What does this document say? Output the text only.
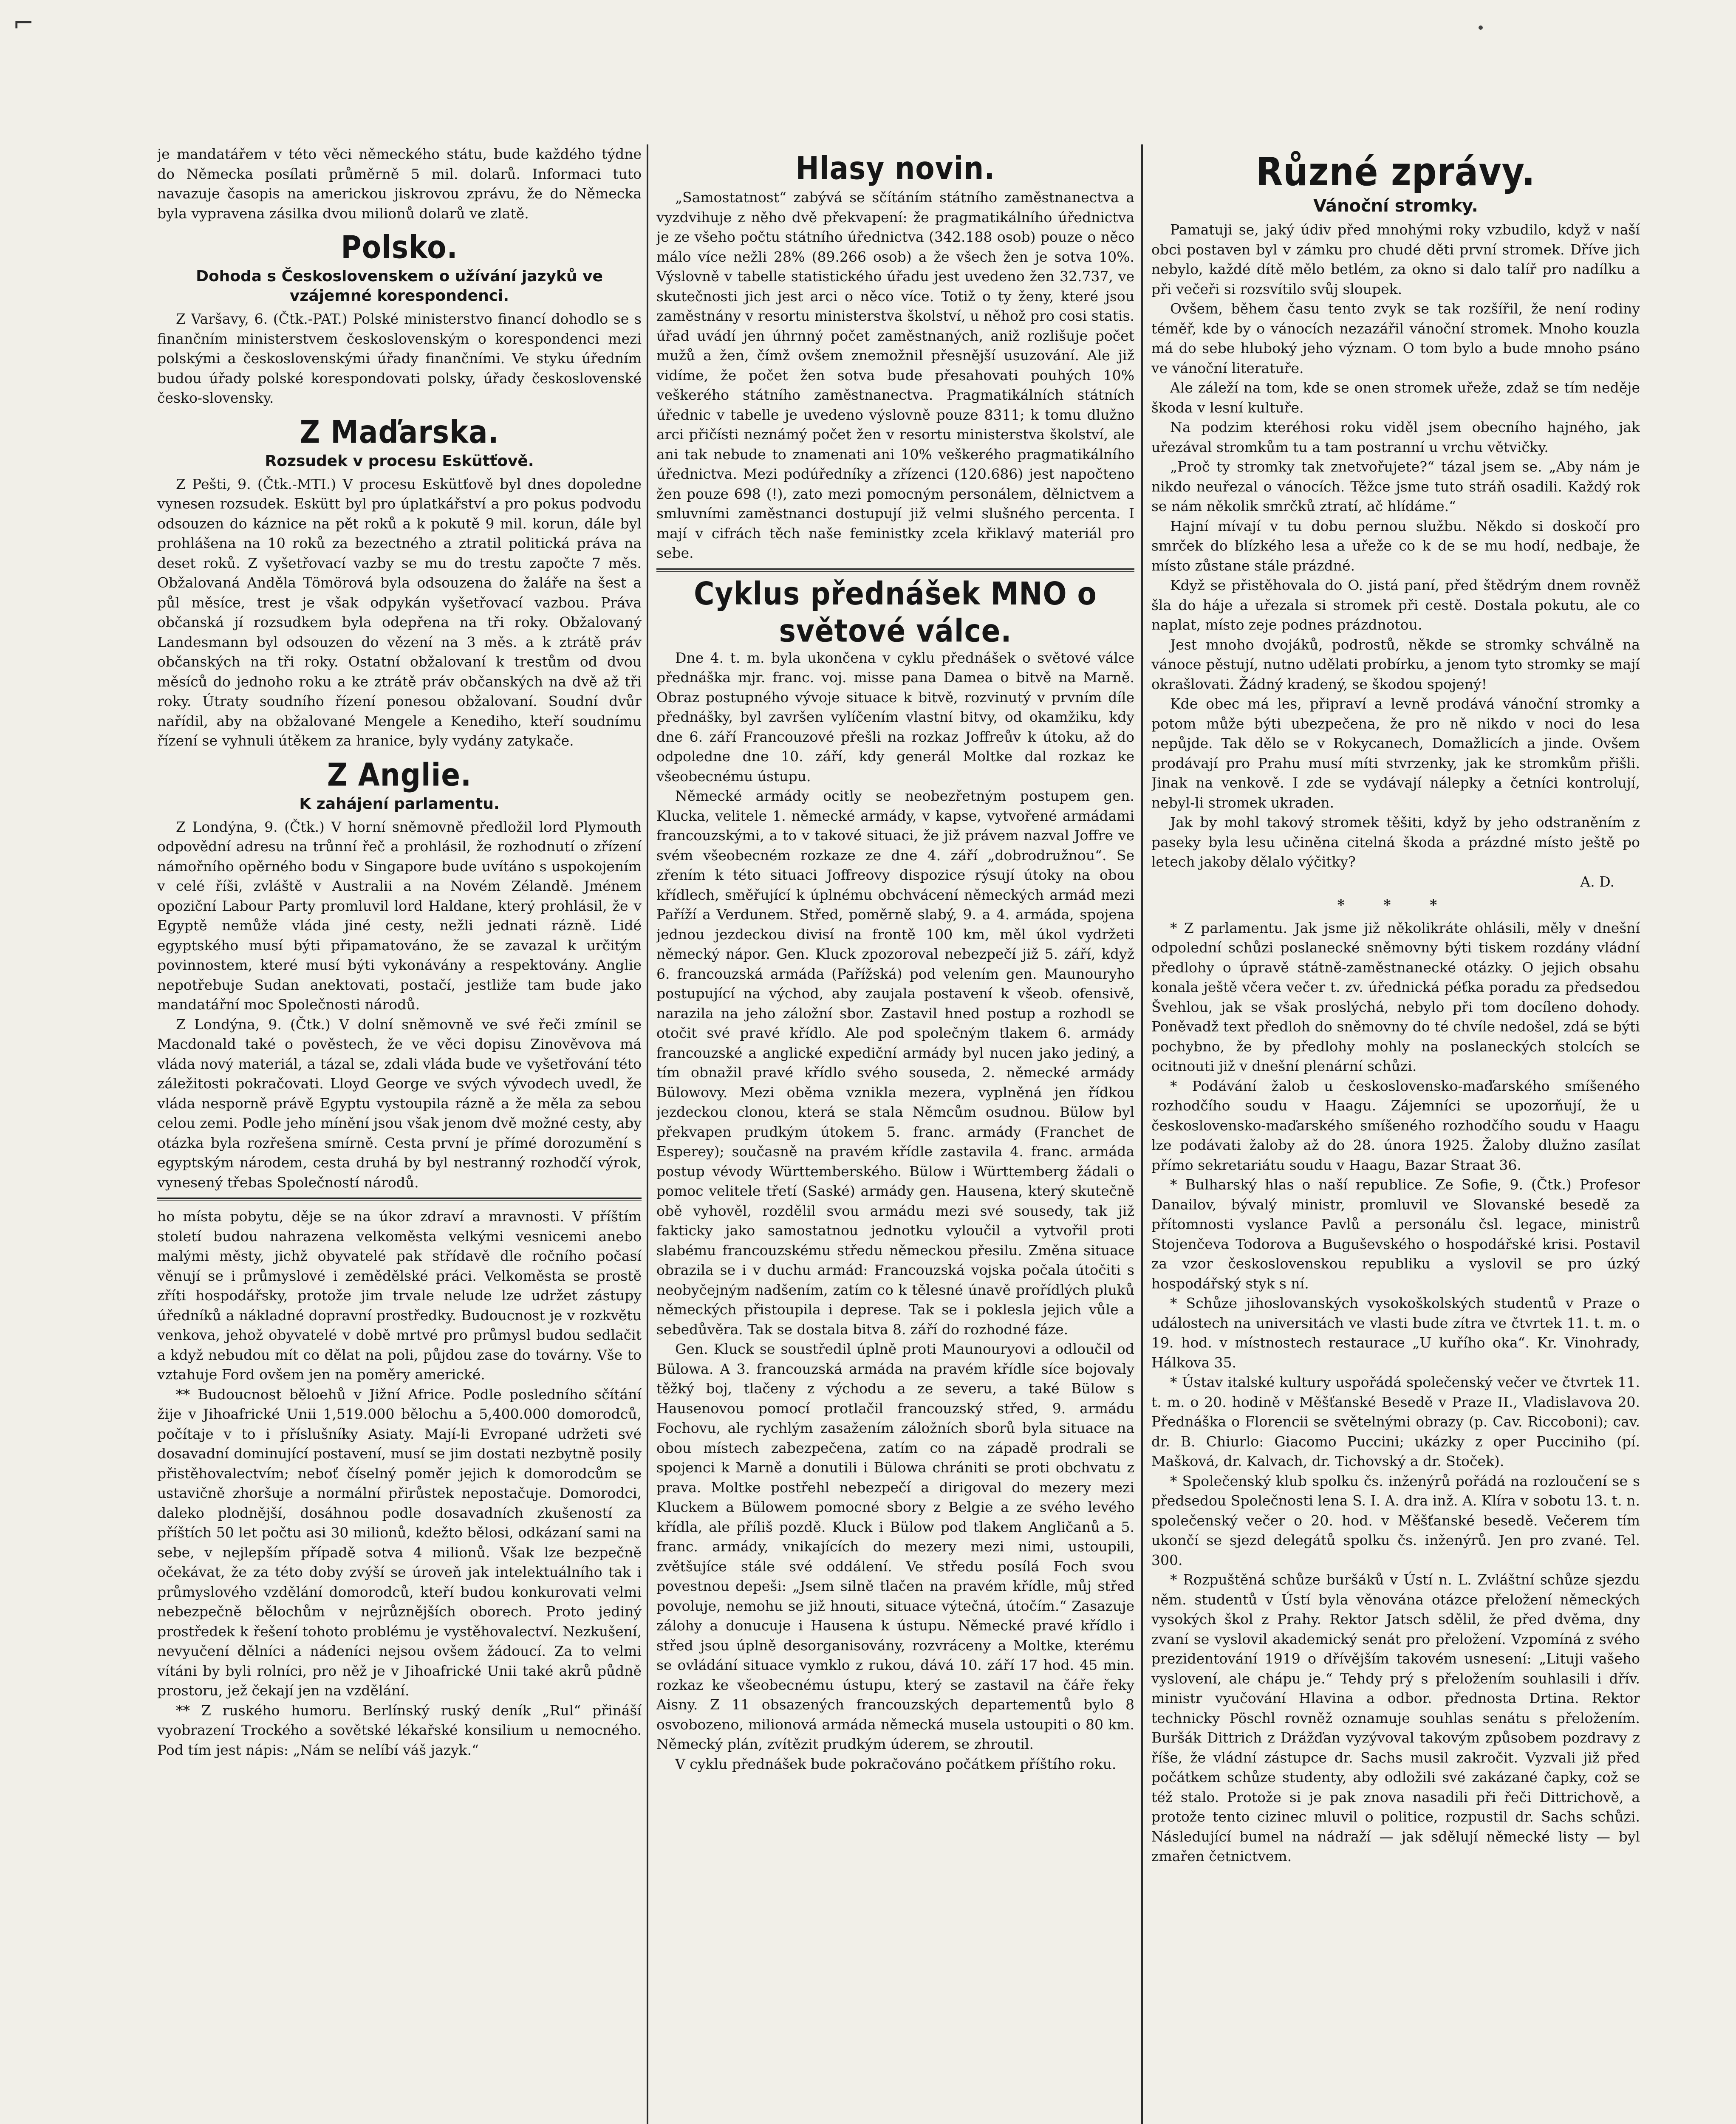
⌐

je mandatářem v této věci německého státu, bude každého týdne do Německa posílati průměrně 5 mil. dolarů. Informaci tuto navazuje časopis na americkou jiskrovou zprávu, že do Německa byla vypravena zásilka dvou milionů dolarů ve zlatě.

Polsko.
Dohoda s Československem o užívání jazyků ve vzájemné korespondenci.

Z Varšavy, 6. (Čtk.-PAT.) Polské ministerstvo financí dohodlo se s finančním ministerstvem československým o korespondenci mezi polskými a československými úřady finančními. Ve styku úředním budou úřady polské korespondovati polsky, úřady československé česko-slovensky.

Z Maďarska.
Rozsudek v procesu Eskütťově.

Z Pešti, 9. (Čtk.-MTI.) V procesu Eskütťově byl dnes dopoledne vynesen rozsudek. Eskütt byl pro úplatkářství a pro pokus podvodu odsouzen do káznice na pět roků a k pokutě 9 mil. korun, dále byl prohlášena na 10 roků za bezectného a ztratil politická práva na deset roků. Z vyšetřovací vazby se mu do trestu započte 7 měs. Obžalovaná Anděla Tömörová byla odsouzena do žaláře na šest a půl měsíce, trest je však odpykán vyšetřovací vazbou. Práva občanská jí rozsudkem byla odepřena na tři roky. Obžalovaný Landesmann byl odsouzen do vězení na 3 měs. a k ztrátě práv občanských na tři roky. Ostatní obžalovaní k trestům od dvou měsíců do jednoho roku a ke ztrátě práv občanských na dvě až tři roky. Útraty soudního řízení ponesou obžalovaní. Soudní dvůr nařídil, aby na obžalované Mengele a Kenediho, kteří soudnímu řízení se vyhnuli útěkem za hranice, byly vydány zatykače.

Z Anglie.
K zahájení parlamentu.

Z Londýna, 9. (Čtk.) V horní sněmovně předložil lord Plymouth odpovědní adresu na trůnní řeč a prohlásil, že rozhodnutí o zřízení námořního opěrného bodu v Singapore bude uvítáno s uspokojením v celé říši, zvláště v Australii a na Novém Zélandě. Jménem opoziční Labour Party promluvil lord Haldane, který prohlásil, že v Egyptě nemůže vláda jiné cesty, nežli jednati rázně. Lidé egyptského musí býti připamatováno, že se zavazal k určitým povinnostem, které musí býti vykonávány a respektovány. Anglie nepotřebuje Sudan anektovati, postačí, jestliže tam bude jako mandatářní moc Společnosti národů.

Z Londýna, 9. (Čtk.) V dolní sněmovně ve své řeči zmínil se Macdonald také o pověstech, že ve věci dopisu Zinověvova má vláda nový materiál, a tázal se, zdali vláda bude ve vyšetřování této záležitosti pokračovati. Lloyd George ve svých vývodech uvedl, že vláda nesporně právě Egyptu vystoupila rázně a že měla za sebou celou zemi. Podle jeho mínění jsou však jenom dvě možné cesty, aby otázka byla rozřešena smírně. Cesta první je přímé dorozumění s egyptským národem, cesta druhá by byl nestranný rozhodčí výrok, vynesený třebas Společností národů.

ho místa pobytu, děje se na úkor zdraví a mravnosti. V příštím století budou nahrazena velkoměsta velkými vesnicemi anebo malými městy, jichž obyvatelé pak střídavě dle ročního počasí věnují se i průmyslové i zemědělské práci. Velkoměsta se prostě zříti hospodářsky, protože jim trvale nelude lze udržet zástupy úředníků a nákladné dopravní prostředky. Budoucnost je v rozkvětu venkova, jehož obyvatelé v době mrtvé pro průmysl budou sedlačit a když nebudou mít co dělat na poli, půjdou zase do továrny. Vše to vztahuje Ford ovšem jen na poměry americké.

** Budoucnost běloehů v Jižní Africe. Podle posledního sčítání žije v Jihoafrické Unii 1,519.000 bělochu a 5,400.000 domorodců, počítaje v to i příslušníky Asiaty. Mají-li Evropané udržeti své dosavadní dominující postavení, musí se jim dostati nezbytně posily přistěhovalectvím; neboť číselný poměr jejich k domorodcům se ustavičně zhoršuje a normální přirůstek nepostačuje. Domorodci, daleko plodnější, dosáhnou podle dosavadních zkušeností za příštích 50 let počtu asi 30 milionů, kdežto bělosi, odkázaní sami na sebe, v nejlepším případě sotva 4 milionů. Však lze bezpečně očekávat, že za této doby zvýší se úroveň jak intelektuálního tak i průmyslového vzdělání domorodců, kteří budou konkurovati velmi nebezpečně bělochům v nejrůznějších oborech. Proto jediný prostředek k řešení tohoto problému je vystěhovalectví. Nezkušení, nevyučení dělníci a nádeníci nejsou ovšem žádoucí. Za to velmi vítáni by byli rolníci, pro něž je v Jihoafrické Unii také akrů půdně prostoru, jež čekají jen na vzdělání.

** Z ruského humoru. Berlínský ruský deník „Rul“ přináší vyobrazení Trockého a sovětské lékařské konsilium u nemocného. Pod tím jest nápis: „Nám se nelíbí váš jazyk.“

Hlasy novin.

„Samostatnost“ zabývá se sčítáním státního zaměstnanectva a vyzdvihuje z něho dvě překvapení: že pragmatikálního úřednictva je ze všeho počtu státního úřednictva (342.188 osob) pouze o něco málo více nežli 28% (89.266 osob) a že všech žen je sotva 10%. Výslovně v tabelle statistického úřadu jest uvedeno žen 32.737, ve skutečnosti jich jest arci o něco více. Totiž o ty ženy, které jsou zaměstnány v resortu ministerstva školství, u něhož pro cosi statis. úřad uvádí jen úhrnný počet zaměstnaných, aniž rozlišuje počet mužů a žen, čímž ovšem znemožnil přesnější usuzování. Ale již vidíme, že počet žen sotva bude přesahovati pouhých 10% veškerého státního zaměstnanectva. Pragmatikálních státních úřednic v tabelle je uvedeno výslovně pouze 8311; k tomu dlužno arci přičísti neznámý počet žen v resortu ministerstva školství, ale ani tak nebude to znamenati ani 10% veškerého pragmatikálního úřednictva. Mezi podúředníky a zřízenci (120.686) jest napočteno žen pouze 698 (!), zato mezi pomocným personálem, dělnictvem a smluvními zaměstnanci dostupují již velmi slušného percenta. I mají v cifrách těch naše feministky zcela křiklavý materiál pro sebe.

Cyklus přednášek MNO o světové válce.

Dne 4. t. m. byla ukončena v cyklu přednášek o světové válce přednáška mjr. franc. voj. misse pana Damea o bitvě na Marně. Obraz postupného vývoje situace k bitvě, rozvinutý v prvním díle přednášky, byl završen vylíčením vlastní bitvy, od okamžiku, kdy dne 6. září Francouzové přešli na rozkaz Joffreův k útoku, až do odpoledne dne 10. září, kdy generál Moltke dal rozkaz ke všeobecnému ústupu.

Německé armády ocitly se neobezřetným postupem gen. Klucka, velitele 1. německé armády, v kapse, vytvořené armádami francouzskými, a to v takové situaci, že již právem nazval Joffre ve svém všeobecném rozkaze ze dne 4. září „dobrodružnou“. Se zřením k této situaci Joffreovy dispozice rýsují útoky na obou křídlech, směřující k úplnému obchvácení německých armád mezi Paříží a Verdunem. Střed, poměrně slabý, 9. a 4. armáda, spojena jednou jezdeckou divisí na frontě 100 km, měl úkol vydržeti německý nápor. Gen. Kluck zpozoroval nebezpečí již 5. září, když 6. francouzská armáda (Pařížská) pod velením gen. Maunouryho postupující na východ, aby zaujala postavení k všeob. ofensivě, narazila na jeho záložní sbor. Zastavil hned postup a rozhodl se otočit své pravé křídlo. Ale pod společným tlakem 6. armády francouzské a anglické expediční armády byl nucen jako jediný, a tím obnažil pravé křídlo svého souseda, 2. německé armády Bülowovy. Mezi oběma vznikla mezera, vyplněná jen řídkou jezdeckou clonou, která se stala Němcům osudnou. Bülow byl překvapen prudkým útokem 5. franc. armády (Franchet de Esperey); současně na pravém křídle zastavila 4. franc. armáda postup vévody Württemberského. Bülow i Württemberg žádali o pomoc velitele třetí (Saské) armády gen. Hausena, který skutečně obě vyhověl, rozdělil svou armádu mezi své sousedy, tak již fakticky jako samostatnou jednotku vyloučil a vytvořil proti slabému francouzskému středu německou přesilu. Změna situace obrazila se i v duchu armád: Francouzská vojska počala útočiti s neobyčejným nadšením, zatím co k tělesné únavě prořídlých pluků německých přistoupila i deprese. Tak se i poklesla jejich vůle a sebedůvěra. Tak se dostala bitva 8. září do rozhodné fáze.

Gen. Kluck se soustředil úplně proti Maunouryovi a odloučil od Bülowa. A 3. francouzská armáda na pravém křídle síce bojovaly těžký boj, tlačeny z východu a ze severu, a také Bülow s Hausenovou pomocí protlačil francouzský střed, 9. armádu Fochovu, ale rychlým zasažením záložních sborů byla situace na obou místech zabezpečena, zatím co na západě prodrali se spojenci k Marně a donutili i Bülowa chrániti se proti obchvatu z prava. Moltke postřehl nebezpečí a dirigoval do mezery mezi Kluckem a Bülowem pomocné sbory z Belgie a ze svého levého křídla, ale příliš pozdě. Kluck i Bülow pod tlakem Angličanů a 5. franc. armády, vnikajících do mezery mezi nimi, ustoupili, zvětšujíce stále své oddálení. Ve středu posílá Foch svou povestnou depeši: „Jsem silně tlačen na pravém křídle, můj střed povoluje, nemohu se již hnouti, situace výtečná, útočím.“ Zasazuje zálohy a donucuje i Hausena k ústupu. Německé pravé křídlo i střed jsou úplně desorganisovány, rozvráceny a Moltke, kterému se ovládání situace vymklo z rukou, dává 10. září 17 hod. 45 min. rozkaz ke všeobecnému ústupu, který se zastavil na čáře řeky Aisny. Z 11 obsazených francouzských departementů bylo 8 osvobozeno, milionová armáda německá musela ustoupiti o 80 km. Německý plán, zvítězit prudkým úderem, se zhroutil.

V cyklu přednášek bude pokračováno počátkem příštího roku.

Různé zprávy.
Vánoční stromky.

Pamatuji se, jaký údiv před mnohými roky vzbudilo, když v naší obci postaven byl v zámku pro chudé děti první stromek. Dříve jich nebylo, každé dítě mělo betlém, za okno si dalo talíř pro nadílku a při večeři si rozsvítilo svůj sloupek.

Ovšem, během času tento zvyk se tak rozšířil, že není rodiny téměř, kde by o vánocích nezazářil vánoční stromek. Mnoho kouzla má do sebe hluboký jeho význam. O tom bylo a bude mnoho psáno ve vánoční literatuře.

Ale záleží na tom, kde se onen stromek uřeže, zdaž se tím neděje škoda v lesní kultuře.

Na podzim kteréhosi roku viděl jsem obecního hajného, jak uřezával stromkům tu a tam postranní u vrchu větvičky.

„Proč ty stromky tak znetvořujete?“ tázal jsem se. „Aby nám je nikdo neuřezal o vánocích. Těžce jsme tuto stráň osadili. Každý rok se nám několik smrčků ztratí, ač hlídáme.“

Hajní mívají v tu dobu pernou službu. Někdo si doskočí pro smrček do blízkého lesa a uřeže co k de se mu hodí, nedbaje, že místo zůstane stále prázdné.

Když se přistěhovala do O. jistá paní, před štědrým dnem rovněž šla do háje a uřezala si stromek při cestě. Dostala pokutu, ale co naplat, místo zeje podnes prázdnotou.

Jest mnoho dvojáků, podrostů, někde se stromky schválně na vánoce pěstují, nutno udělati probírku, a jenom tyto stromky se mají okrašlovati. Žádný kradený, se škodou spojený!

Kde obec má les, připraví a levně prodává vánoční stromky a potom může býti ubezpečena, že pro ně nikdo v noci do lesa nepůjde. Tak dělo se v Rokycanech, Domažlicích a jinde. Ovšem prodávají pro Prahu musí míti stvrzenky, jak ke stromkům přišli. Jinak na venkově. I zde se vydávají nálepky a četníci kontrolují, nebyl-li stromek ukraden.

Jak by mohl takový stromek těšiti, když by jeho odstraněním z paseky byla lesu učiněna citelná škoda a prázdné místo ještě po letech jakoby dělalo výčitky?

A. D.
* * *

* Z parlamentu. Jak jsme již několikráte ohlásili, měly v dnešní odpolední schůzi poslanecké sněmovny býti tiskem rozdány vládní předlohy o úpravě státně-zaměstnanecké otázky. O jejich obsahu konala ještě včera večer t. zv. úřednická péťka poradu za předsedou Švehlou, jak se však proslýchá, nebylo při tom docíleno dohody. Poněvadž text předloh do sněmovny do té chvíle nedošel, zdá se býti pochybno, že by předlohy mohly na poslaneckých stolcích se ocitnouti již v dnešní plenární schůzi.

* Podávání žalob u československo-maďarského smíšeného rozhodčího soudu v Haagu. Zájemníci se upozorňují, že u československo-maďarského smíšeného rozhodčího soudu v Haagu lze podávati žaloby až do 28. února 1925. Žaloby dlužno zasílat přímo sekretariátu soudu v Haagu, Bazar Straat 36.

* Bulharský hlas o naší republice. Ze Sofie, 9. (Čtk.) Profesor Danailov, bývalý ministr, promluvil ve Slovanské besedě za přítomnosti vyslance Pavlů a personálu čsl. legace, ministrů Stojenčeva Todorova a Buguševského o hospodářské krisi. Postavil za vzor československou republiku a vyslovil se pro úzký hospodářský styk s ní.

* Schůze jihoslovanských vysokoškolských studentů v Praze o událostech na universitách ve vlasti bude zítra ve čtvrtek 11. t. m. o 19. hod. v místnostech restaurace „U kuřího oka“. Kr. Vinohrady, Hálkova 35.

* Ústav italské kultury uspořádá společenský večer ve čtvrtek 11. t. m. o 20. hodině v Měšťanské Besedě v Praze II., Vladislavova 20. Přednáška o Florencii se světelnými obrazy (p. Cav. Riccoboni); cav. dr. B. Chiurlo: Giacomo Puccini; ukázky z oper Pucciniho (pí. Mašková, dr. Kalvach, dr. Tichovský a dr. Stoček).

* Společenský klub spolku čs. inženýrů pořádá na rozloučení se s předsedou Společnosti lena S. I. A. dra inž. A. Klíra v sobotu 13. t. n. společenský večer o 20. hod. v Měšťanské besedě. Večerem tím ukončí se sjezd delegátů spolku čs. inženýrů. Jen pro zvané. Tel. 300.

* Rozpuštěná schůze buršáků v Ústí n. L. Zvláštní schůze sjezdu něm. studentů v Ústí byla věnována otázce přeložení německých vysokých škol z Prahy. Rektor Jatsch sdělil, že před dvěma, dny zvaní se vyslovil akademický senát pro přeložení. Vzpomíná z svého prezidentování 1919 o dřívějším takovém usnesení: „Lituji vašeho vyslovení, ale chápu je.“ Tehdy prý s přeložením souhlasili i dřív. ministr vyučování Hlavina a odbor. přednosta Drtina. Rektor technicky Pöschl rovněž oznamuje souhlas senátu s přeložením. Buršák Dittrich z Drážďan vyzývoval takovým způsobem pozdravy z říše, že vládní zástupce dr. Sachs musil zakročit. Vyzvali již před počátkem schůze studenty, aby odložili své zakázané čapky, což se též stalo. Protože si je pak znova nasadili při řeči Dittrichově, a protože tento cizinec mluvil o politice, rozpustil dr. Sachs schůzi. Následující bumel na nádraží — jak sdělují německé listy — byl zmařen četnictvem.
